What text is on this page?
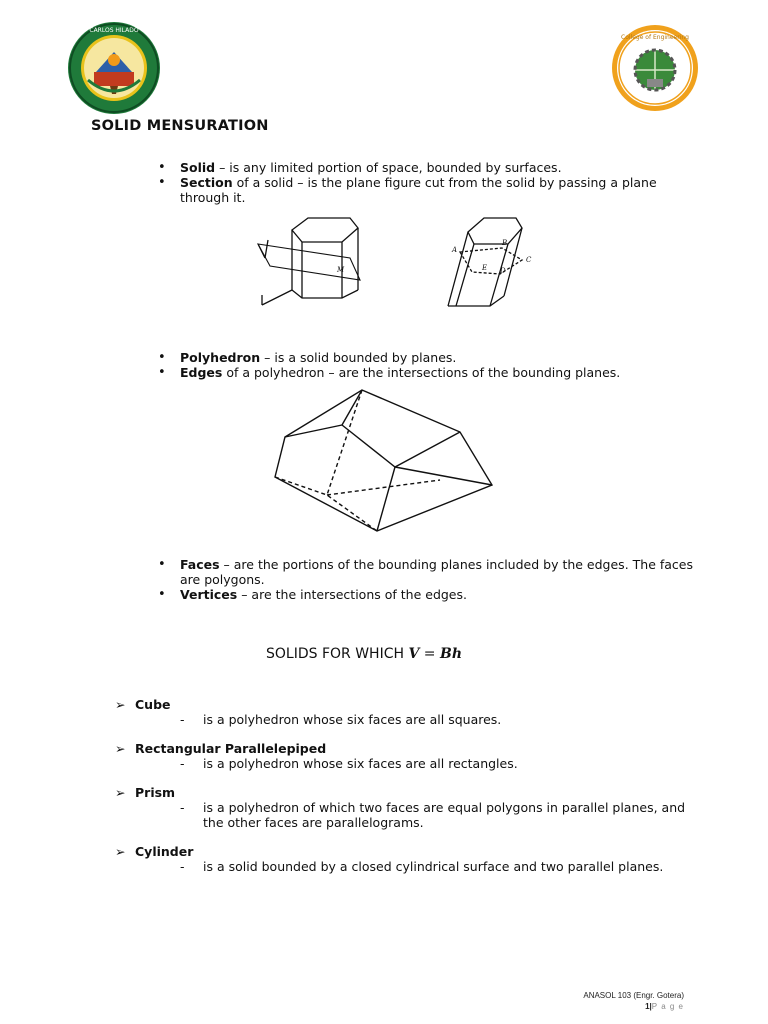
CARLOS HILADO
College of Engineering
SOLID MENSURATION
• Solid – is any limited portion of space, bounded by surfaces.
• Section of a solid – is the plane figure cut from the solid by passing a plane through it.
M
A
B
C
D
E
• Polyhedron – is a solid bounded by planes.
• Edges of a polyhedron – are the intersections of the bounding planes.
• Faces – are the portions of the bounding planes included by the edges. The faces are polygons.
• Vertices – are the intersections of the edges.
SOLIDS FOR WHICH V = Bh
➢ Cube
- is a polyhedron whose six faces are all squares.
➢ Rectangular Parallelepiped
- is a polyhedron whose six faces are all rectangles.
➢ Prism
- is a polyhedron of which two faces are equal polygons in parallel planes, and the other faces are parallelograms.
➢ Cylinder
- is a solid bounded by a closed cylindrical surface and two parallel planes.
ANASOL 103 (Engr. Gotera)
1|P a g e
